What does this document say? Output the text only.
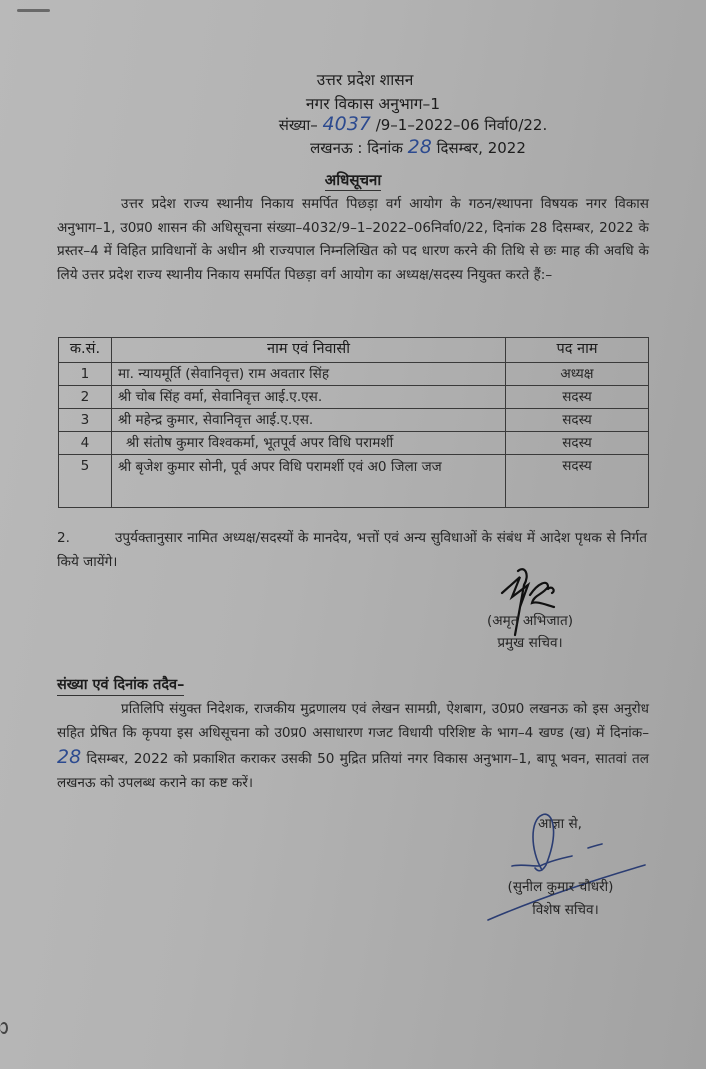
उत्तर प्रदेश शासन
नगर विकास अनुभाग–1
संख्या– 4037 /9–1–2022–06 निर्वा0/22.
लखनऊ : दिनांक 28 दिसम्बर, 2022
अधिसूचना
उत्तर प्रदेश राज्य स्थानीय निकाय समर्पित पिछड़ा वर्ग आयोग के गठन/स्थापना विषयक नगर विकास अनुभाग–1, उ0प्र0 शासन की अधिसूचना संख्या–4032/9–1–2022–06निर्वा0/22, दिनांक 28 दिसम्बर, 2022 के प्रस्तर–4 में विहित प्राविधानों के अधीन श्री राज्यपाल निम्नलिखित को पद धारण करने की तिथि से छः माह की अवधि के लिये उत्तर प्रदेश राज्य स्थानीय निकाय समर्पित पिछड़ा वर्ग आयोग का अध्यक्ष/सदस्य नियुक्त करते हैं:–
क.सं.	नाम एवं निवासी	पद नाम
1	मा. न्यायमूर्ति (सेवानिवृत्त) राम अवतार सिंह	अध्यक्ष
2	श्री चोब सिंह वर्मा, सेवानिवृत्त आई.ए.एस.	सदस्य
3	श्री महेन्द्र कुमार, सेवानिवृत्त आई.ए.एस.	सदस्य
4	श्री संतोष कुमार विश्वकर्मा, भूतपूर्व अपर विधि परामर्शी	सदस्य
5	श्री बृजेश कुमार सोनी, पूर्व अपर विधि परामर्शी एवं अ0 जिला जज	सदस्य
2.	उपुर्यक्तानुसार नामित अध्यक्ष/सदस्यों के मानदेय, भत्तों एवं अन्य सुविधाओं के संबंध में आदेश पृथक से निर्गत किये जायेंगे।
(अमृत अभिजात)
प्रमुख सचिव।
संख्या एवं दिनांक तदैव–
प्रतिलिपि संयुक्त निदेशक, राजकीय मुद्रणालय एवं लेखन सामग्री, ऐशबाग, उ0प्र0 लखनऊ को इस अनुरोध सहित प्रेषित कि कृपया इस अधिसूचना को उ0प्र0 असाधारण गजट विधायी परिशिष्ट के भाग–4 खण्ड (ख) में दिनांक– 28 दिसम्बर, 2022 को प्रकाशित कराकर उसकी 50 मुद्रित प्रतियां नगर विकास अनुभाग–1, बापू भवन, सातवां तल लखनऊ को उपलब्ध कराने का कष्ट करें।
आज्ञा से,
(सुनील कुमार चौधरी)
विशेष सचिव।
